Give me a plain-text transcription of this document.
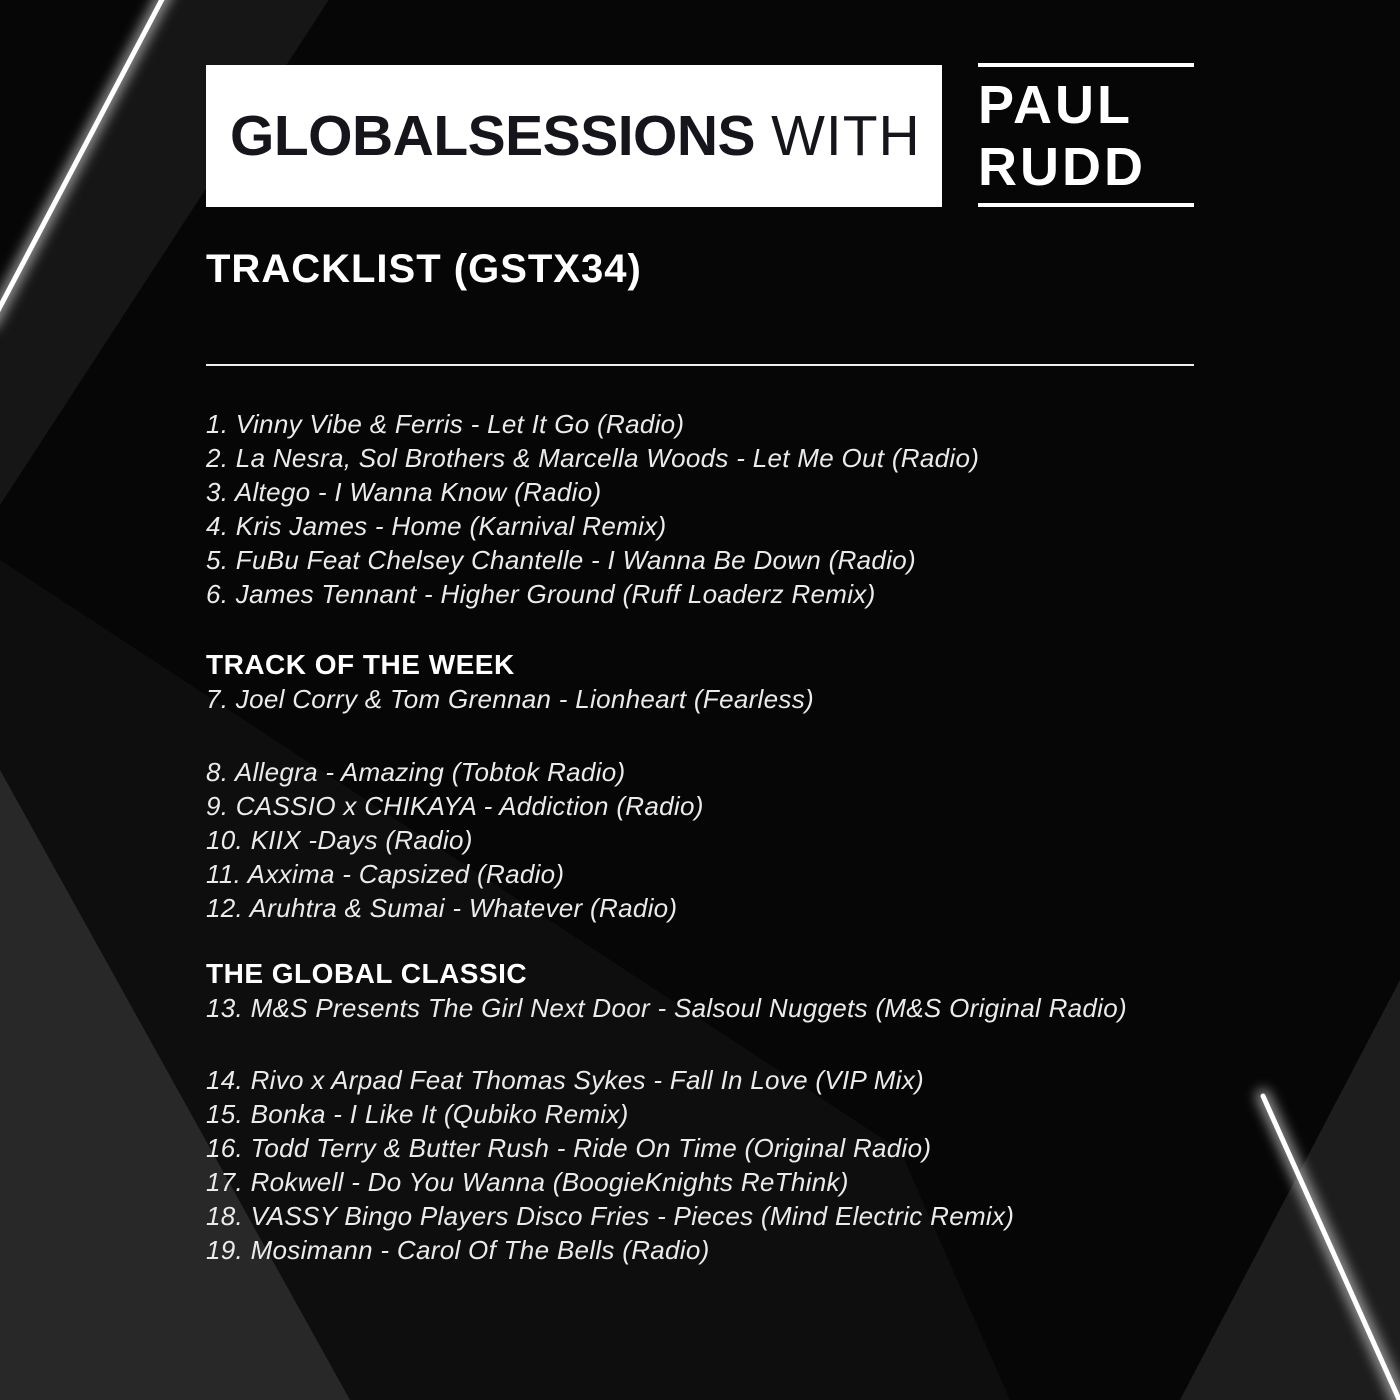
GLOBALSESSIONS WITH PAUL
RUDD
TRACKLIST (GSTX34)
1. Vinny Vibe & Ferris - Let It Go (Radio)
2. La Nesra, Sol Brothers & Marcella Woods - Let Me Out (Radio)
3. Altego - I Wanna Know (Radio)
4. Kris James - Home (Karnival Remix)
5. FuBu Feat Chelsey Chantelle - I Wanna Be Down (Radio)
6. James Tennant - Higher Ground (Ruff Loaderz Remix)
TRACK OF THE WEEK
7. Joel Corry & Tom Grennan - Lionheart (Fearless)
8. Allegra - Amazing (Tobtok Radio)
9. CASSIO x CHIKAYA - Addiction (Radio)
10. KIIX -Days (Radio)
11. Axxima - Capsized (Radio)
12. Aruhtra & Sumai - Whatever (Radio)
THE GLOBAL CLASSIC
13. M&S Presents The Girl Next Door - Salsoul Nuggets (M&S Original Radio)
14. Rivo x Arpad Feat Thomas Sykes - Fall In Love (VIP Mix)
15. Bonka - I Like It (Qubiko Remix)
16. Todd Terry & Butter Rush - Ride On Time (Original Radio)
17. Rokwell - Do You Wanna (BoogieKnights ReThink)
18. VASSY Bingo Players Disco Fries - Pieces (Mind Electric Remix)
19. Mosimann - Carol Of The Bells (Radio)
